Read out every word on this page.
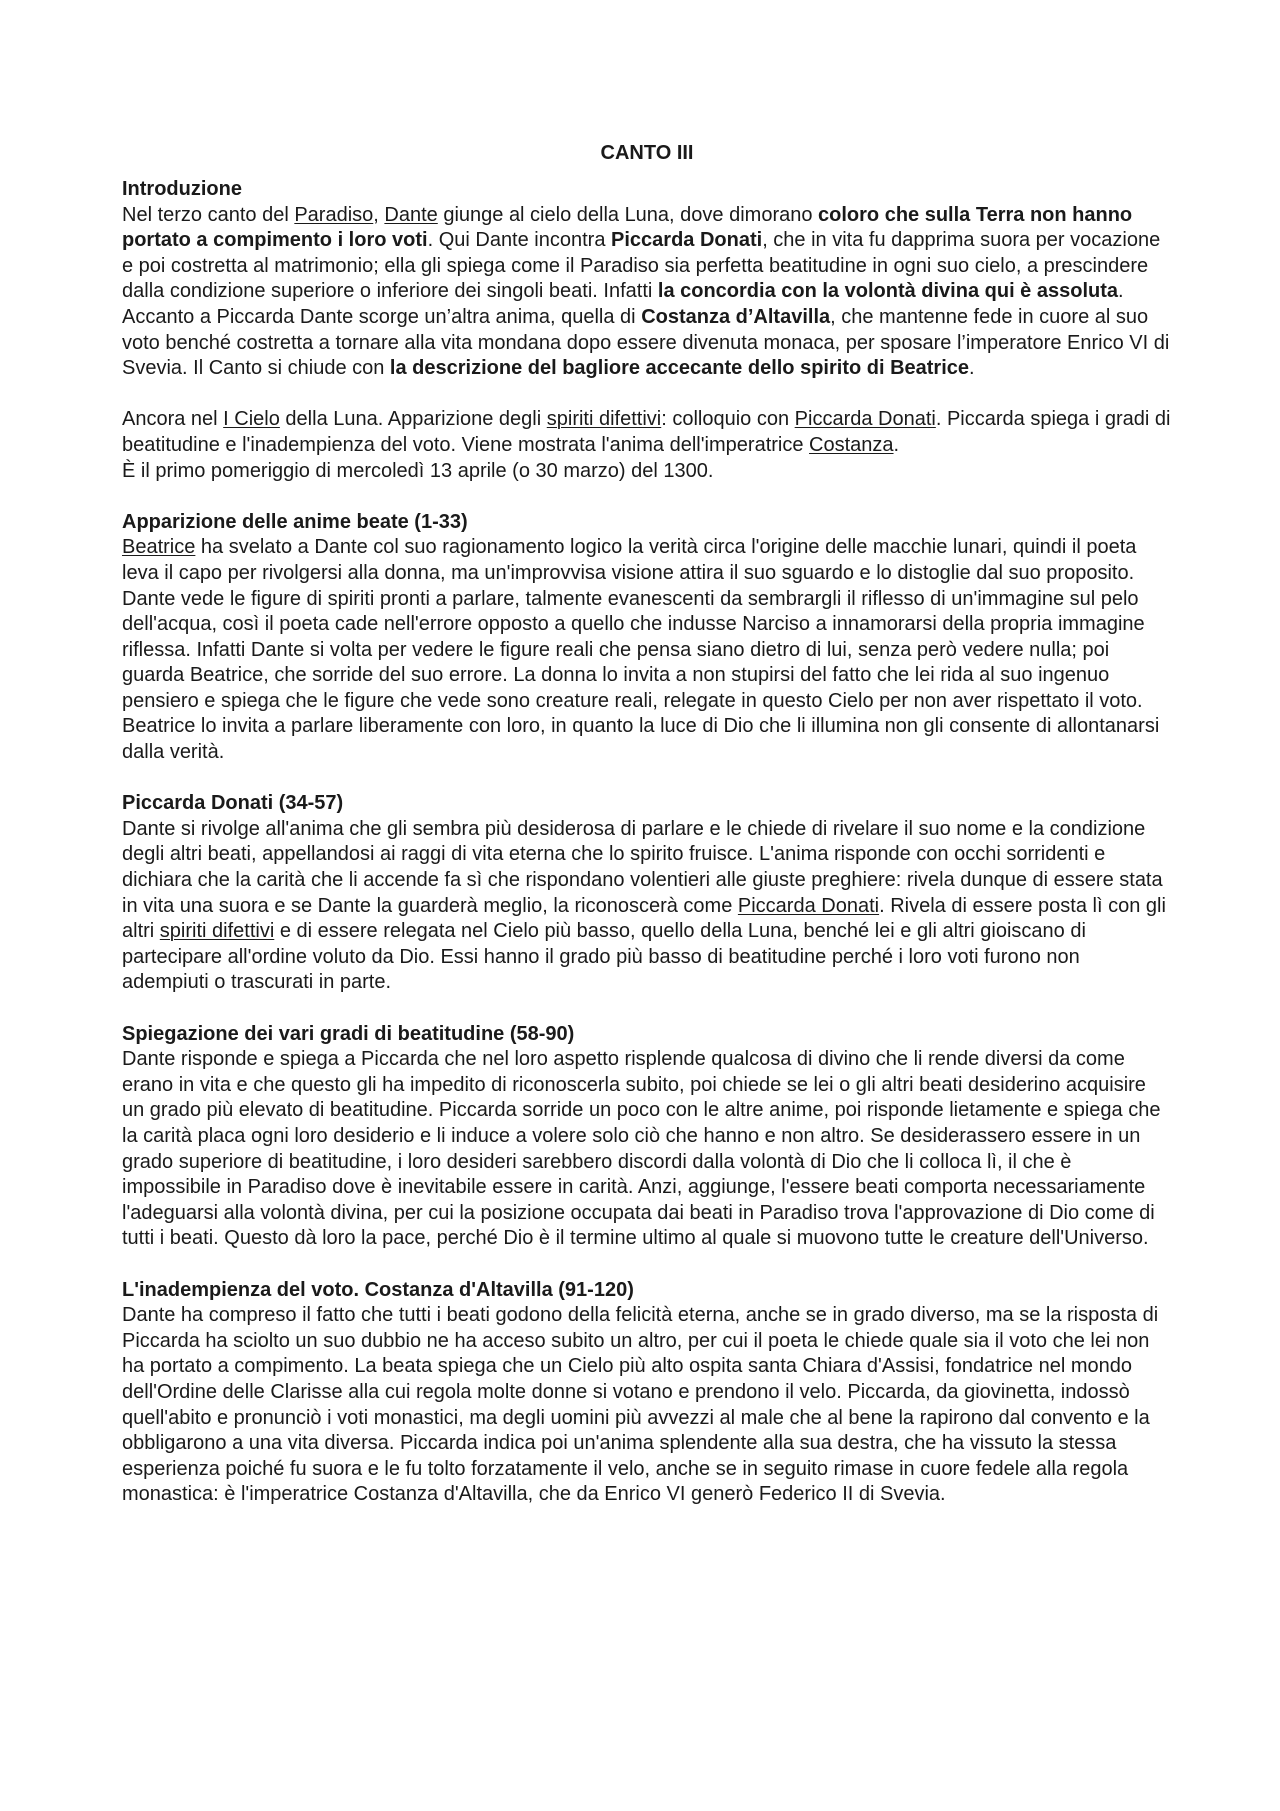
CANTO III
Introduzione

Nel terzo canto del Paradiso, Dante giunge al cielo della Luna, dove dimorano coloro che sulla Terra non hanno portato a compimento i loro voti. Qui Dante incontra Piccarda Donati, che in vita fu dapprima suora per vocazione e poi costretta al matrimonio; ella gli spiega come il Paradiso sia perfetta beatitudine in ogni suo cielo, a prescindere dalla condizione superiore o inferiore dei singoli beati. Infatti la concordia con la volontà divina qui è assoluta. Accanto a Piccarda Dante scorge un’altra anima, quella di Costanza d’Altavilla, che mantenne fede in cuore al suo voto benché costretta a tornare alla vita mondana dopo essere divenuta monaca, per sposare l’imperatore Enrico VI di Svevia. Il Canto si chiude con la descrizione del bagliore accecante dello spirito di Beatrice.

Ancora nel I Cielo della Luna. Apparizione degli spiriti difettivi: colloquio con Piccarda Donati. Piccarda spiega i gradi di beatitudine e l'inadempienza del voto. Viene mostrata l'anima dell'imperatrice Costanza.
È il primo pomeriggio di mercoledì 13 aprile (o 30 marzo) del 1300.

Apparizione delle anime beate (1-33)

Beatrice ha svelato a Dante col suo ragionamento logico la verità circa l'origine delle macchie lunari, quindi il poeta leva il capo per rivolgersi alla donna, ma un'improvvisa visione attira il suo sguardo e lo distoglie dal suo proposito. Dante vede le figure di spiriti pronti a parlare, talmente evanescenti da sembrargli il riflesso di un'immagine sul pelo dell'acqua, così il poeta cade nell'errore opposto a quello che indusse Narciso a innamorarsi della propria immagine riflessa. Infatti Dante si volta per vedere le figure reali che pensa siano dietro di lui, senza però vedere nulla; poi guarda Beatrice, che sorride del suo errore. La donna lo invita a non stupirsi del fatto che lei rida al suo ingenuo pensiero e spiega che le figure che vede sono creature reali, relegate in questo Cielo per non aver rispettato il voto. Beatrice lo invita a parlare liberamente con loro, in quanto la luce di Dio che li illumina non gli consente di allontanarsi dalla verità.

Piccarda Donati (34-57)

Dante si rivolge all'anima che gli sembra più desiderosa di parlare e le chiede di rivelare il suo nome e la condizione degli altri beati, appellandosi ai raggi di vita eterna che lo spirito fruisce. L'anima risponde con occhi sorridenti e dichiara che la carità che li accende fa sì che rispondano volentieri alle giuste preghiere: rivela dunque di essere stata in vita una suora e se Dante la guarderà meglio, la riconoscerà come Piccarda Donati. Rivela di essere posta lì con gli altri spiriti difettivi e di essere relegata nel Cielo più basso, quello della Luna, benché lei e gli altri gioiscano di partecipare all'ordine voluto da Dio. Essi hanno il grado più basso di beatitudine perché i loro voti furono non adempiuti o trascurati in parte.

Spiegazione dei vari gradi di beatitudine (58-90)

Dante risponde e spiega a Piccarda che nel loro aspetto risplende qualcosa di divino che li rende diversi da come erano in vita e che questo gli ha impedito di riconoscerla subito, poi chiede se lei o gli altri beati desiderino acquisire un grado più elevato di beatitudine. Piccarda sorride un poco con le altre anime, poi risponde lietamente e spiega che la carità placa ogni loro desiderio e li induce a volere solo ciò che hanno e non altro. Se desiderassero essere in un grado superiore di beatitudine, i loro desideri sarebbero discordi dalla volontà di Dio che li colloca lì, il che è impossibile in Paradiso dove è inevitabile essere in carità. Anzi, aggiunge, l'essere beati comporta necessariamente l'adeguarsi alla volontà divina, per cui la posizione occupata dai beati in Paradiso trova l'approvazione di Dio come di tutti i beati. Questo dà loro la pace, perché Dio è il termine ultimo al quale si muovono tutte le creature dell'Universo.

L'inadempienza del voto. Costanza d'Altavilla (91-120)

Dante ha compreso il fatto che tutti i beati godono della felicità eterna, anche se in grado diverso, ma se la risposta di Piccarda ha sciolto un suo dubbio ne ha acceso subito un altro, per cui il poeta le chiede quale sia il voto che lei non ha portato a compimento. La beata spiega che un Cielo più alto ospita santa Chiara d'Assisi, fondatrice nel mondo dell'Ordine delle Clarisse alla cui regola molte donne si votano e prendono il velo. Piccarda, da giovinetta, indossò quell'abito e pronunciò i voti monastici, ma degli uomini più avvezzi al male che al bene la rapirono dal convento e la obbligarono a una vita diversa. Piccarda indica poi un'anima splendente alla sua destra, che ha vissuto la stessa esperienza poiché fu suora e le fu tolto forzatamente il velo, anche se in seguito rimase in cuore fedele alla regola monastica: è l'imperatrice Costanza d'Altavilla, che da Enrico VI generò Federico II di Svevia.
